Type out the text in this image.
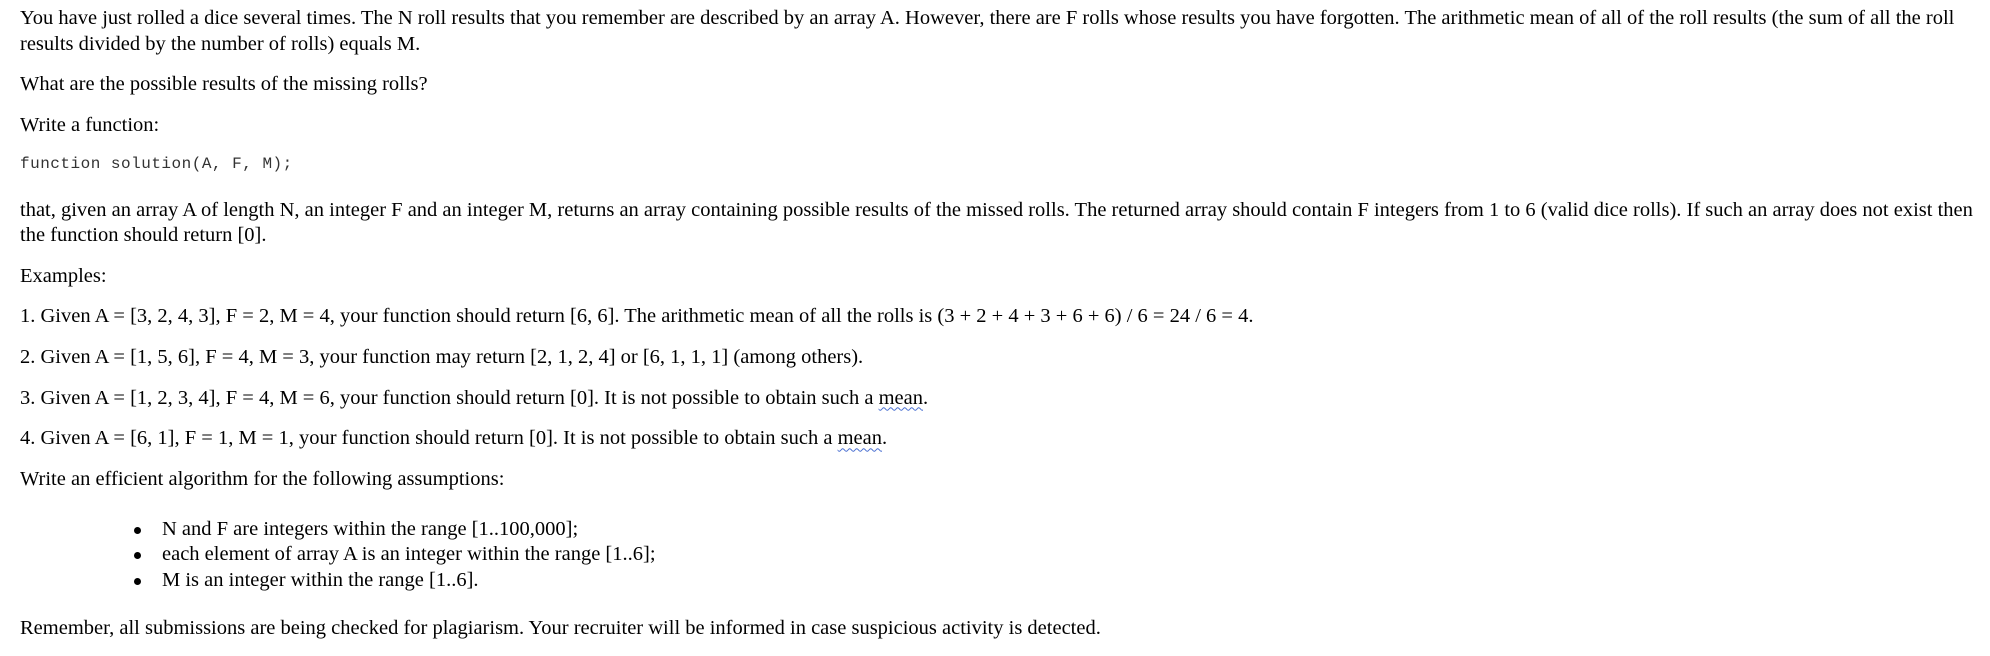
You have just rolled a dice several times. The N roll results that you remember are described by an array A. However, there are F rolls whose results you have forgotten. The arithmetic mean of all of the roll results (the sum of all the roll results divided by the number of rolls) equals M.

What are the possible results of the missing rolls?

Write a function:

function solution(A, F, M);

that, given an array A of length N, an integer F and an integer M, returns an array containing possible results of the missed rolls. The returned array should contain F integers from 1 to 6 (valid dice rolls). If such an array does not exist then the function should return [0].

Examples:

1. Given A = [3, 2, 4, 3], F = 2, M = 4, your function should return [6, 6]. The arithmetic mean of all the rolls is (3 + 2 + 4 + 3 + 6 + 6) / 6 = 24 / 6 = 4.

2. Given A = [1, 5, 6], F = 4, M = 3, your function may return [2, 1, 2, 4] or [6, 1, 1, 1] (among others).

3. Given A = [1, 2, 3, 4], F = 4, M = 6, your function should return [0]. It is not possible to obtain such a mean.

4. Given A = [6, 1], F = 1, M = 1, your function should return [0]. It is not possible to obtain such a mean.

Write an efficient algorithm for the following assumptions:

N and F are integers within the range [1..100,000];
each element of array A is an integer within the range [1..6];
M is an integer within the range [1..6].

Remember, all submissions are being checked for plagiarism. Your recruiter will be informed in case suspicious activity is detected.
